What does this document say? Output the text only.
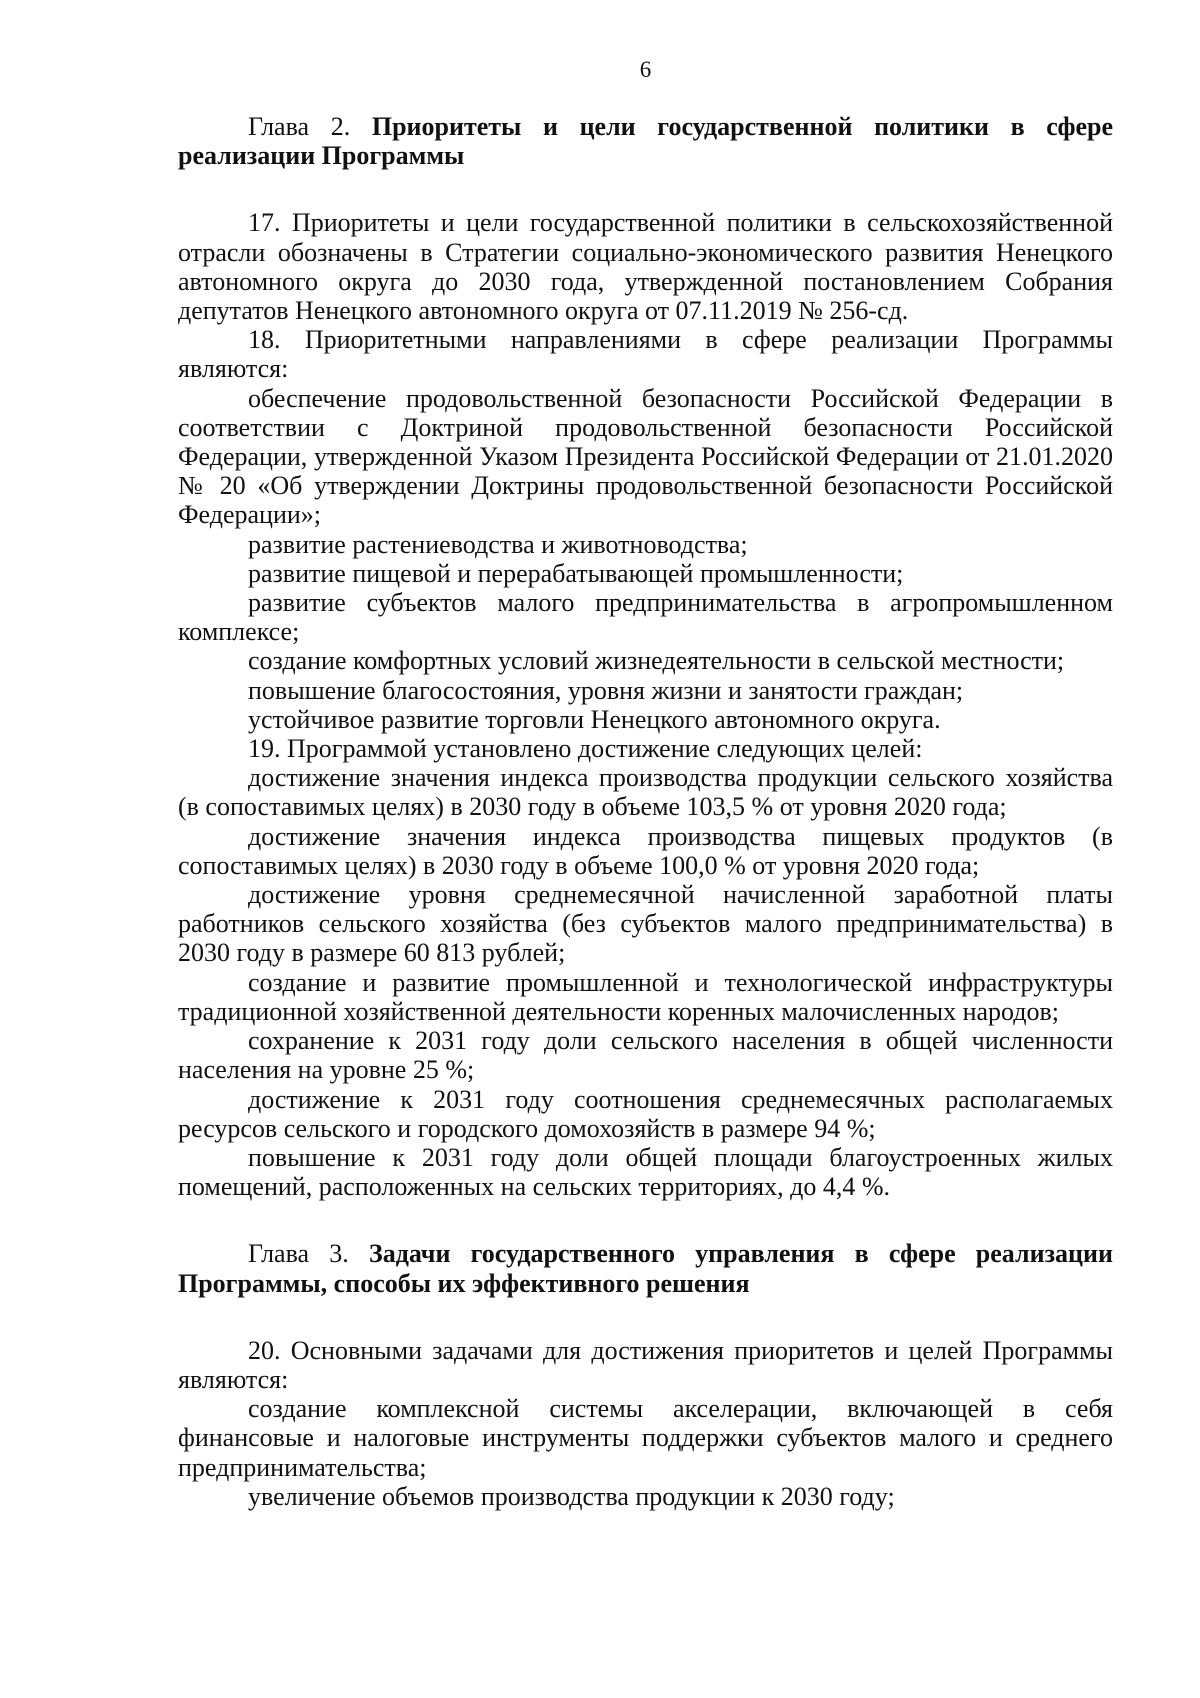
6

Глава 2. Приоритеты и цели государственной политики в сфере реализации Программы

17. Приоритеты и цели государственной политики в сельскохозяйственной отрасли обозначены в Стратегии социально-экономического развития Ненецкого автономного округа до 2030 года, утвержденной постановлением Собрания депутатов Ненецкого автономного округа от 07.11.2019 № 256-сд.

18. Приоритетными направлениями в сфере реализации Программы являются:

обеспечение продовольственной безопасности Российской Федерации в соответствии с Доктриной продовольственной безопасности Российской Федерации, утвержденной Указом Президента Российской Федерации от 21.01.2020 № 20 «Об утверждении Доктрины продовольственной безопасности Российской Федерации»;

развитие растениеводства и животноводства;

развитие пищевой и перерабатывающей промышленности;

развитие субъектов малого предпринимательства в агропромышленном комплексе;

создание комфортных условий жизнедеятельности в сельской местности;

повышение благосостояния, уровня жизни и занятости граждан;

устойчивое развитие торговли Ненецкого автономного округа.

19. Программой установлено достижение следующих целей:

достижение значения индекса производства продукции сельского хозяйства (в сопоставимых целях) в 2030 году в объеме 103,5 % от уровня 2020 года;

достижение значения индекса производства пищевых продуктов (в сопоставимых целях) в 2030 году в объеме 100,0 % от уровня 2020 года;

достижение уровня среднемесячной начисленной заработной платы работников сельского хозяйства (без субъектов малого предпринимательства) в 2030 году в размере 60 813 рублей;

создание и развитие промышленной и технологической инфраструктуры традиционной хозяйственной деятельности коренных малочисленных народов;

сохранение к 2031 году доли сельского населения в общей численности населения на уровне 25 %;

достижение к 2031 году соотношения среднемесячных располагаемых ресурсов сельского и городского домохозяйств в размере 94 %;

повышение к 2031 году доли общей площади благоустроенных жилых помещений, расположенных на сельских территориях, до 4,4 %.

Глава 3. Задачи государственного управления в сфере реализации Программы, способы их эффективного решения

20. Основными задачами для достижения приоритетов и целей Программы являются:

создание комплексной системы акселерации, включающей в себя финансовые и налоговые инструменты поддержки субъектов малого и среднего предпринимательства;

увеличение объемов производства продукции к 2030 году;
